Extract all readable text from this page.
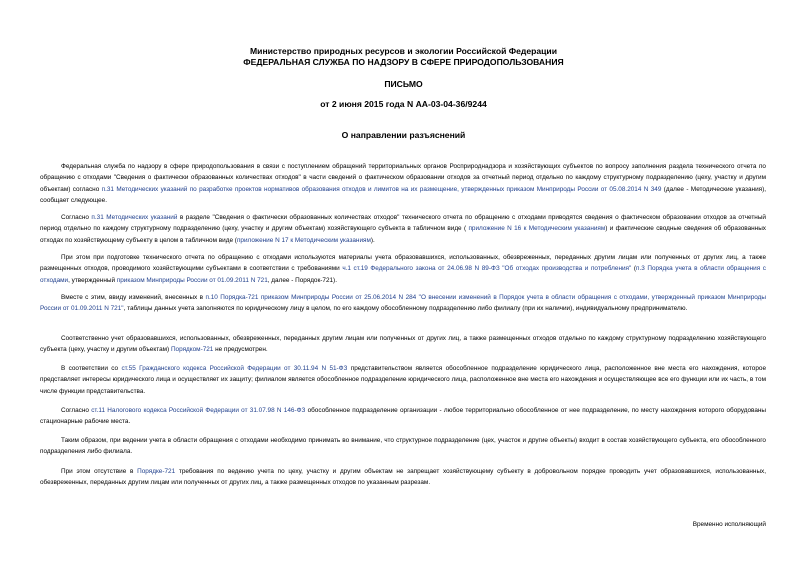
Министерство природных ресурсов и экологии Российской Федерации
ФЕДЕРАЛЬНАЯ СЛУЖБА ПО НАДЗОРУ В СФЕРЕ ПРИРОДОПОЛЬЗОВАНИЯ
ПИСЬМО
от 2 июня 2015 года N АА-03-04-36/9244
О направлении разъяснений

Федеральная служба по надзору в сфере природопользования в связи с поступлением обращений территориальных органов Росприроднадзора и хозяйствующих субъектов по вопросу заполнения раздела технического отчета по обращению с отходами "Сведения о фактически образованных количествах отходов" в части сведений о фактическом образовании отходов за отчетный период отдельно по каждому структурному подразделению (цеху, участку и другим объектам) согласно п.31 Методических указаний по разработке проектов нормативов образования отходов и лимитов на их размещение, утвержденных приказом Минприроды России от 05.08.2014 N 349 (далее - Методические указания), сообщает следующее.

Согласно п.31 Методических указаний в разделе "Сведения о фактически образованных количествах отходов" технического отчета по обращению с отходами приводятся сведения о фактическом образовании отходов за отчетный период отдельно по каждому структурному подразделению (цеху, участку и другим объектам) хозяйствующего субъекта в табличном виде ( приложение N 16 к Методическим указаниям) и фактические сводные сведения об образованных отходах по хозяйствующему субъекту в целом в табличном виде (приложение N 17 к Методическим указаниям).

При этом при подготовке технического отчета по обращению с отходами используются материалы учета образовавшихся, использованных, обезвреженных, переданных другим лицам или полученных от других лиц, а также размещенных отходов, проводимого хозяйствующими субъектами в соответствии с требованиями ч.1 ст.19 Федерального закона от 24.06.98 N 89-ФЗ "Об отходах производства и потребления" (п.3 Порядка учета в области обращения с отходами, утвержденный приказом Минприроды России от 01.09.2011 N 721, далее - Порядок-721).

Вместе с этим, ввиду изменений, внесенных в п.10 Порядка-721 приказом Минприроды России от 25.06.2014 N 284 "О внесении изменений в Порядок учета в области обращения с отходами, утвержденный приказом Минприроды России от 01.09.2011 N 721", таблицы данных учета заполняются по юридическому лицу в целом, по его каждому обособленному подразделению либо филиалу (при их наличии), индивидуальному предпринимателю.

Соответственно учет образовавшихся, использованных, обезвреженных, переданных другим лицам или полученных от других лиц, а также размещенных отходов отдельно по каждому структурному подразделению хозяйствующего субъекта (цеху, участку и другим объектам) Порядком-721 не предусмотрен.

В соответствии со ст.55 Гражданского кодекса Российской Федерации от 30.11.94 N 51-ФЗ представительством является обособленное подразделение юридического лица, расположенное вне места его нахождения, которое представляет интересы юридического лица и осуществляет их защиту; филиалом является обособленное подразделение юридического лица, расположенное вне места его нахождения и осуществляющее все его функции или их часть, в том числе функции представительства.

Согласно ст.11 Налогового кодекса Российской Федерации от 31.07.98 N 146-ФЗ обособленное подразделение организации - любое территориально обособленное от нее подразделение, по месту нахождения которого оборудованы стационарные рабочие места.

Таким образом, при ведении учета в области обращения с отходами необходимо принимать во внимание, что структурное подразделение (цех, участок и другие объекты) входит в состав хозяйствующего субъекта, его обособленного подразделения либо филиала.

При этом отсутствие в Порядке-721 требования по ведению учета по цеху, участку и другим объектам не запрещает хозяйствующему субъекту в добровольном порядке проводить учет образовавшихся, использованных, обезвреженных, переданных другим лицам или полученных от других лиц, а также размещенных отходов по указанным разрезам.

Временно исполняющий
